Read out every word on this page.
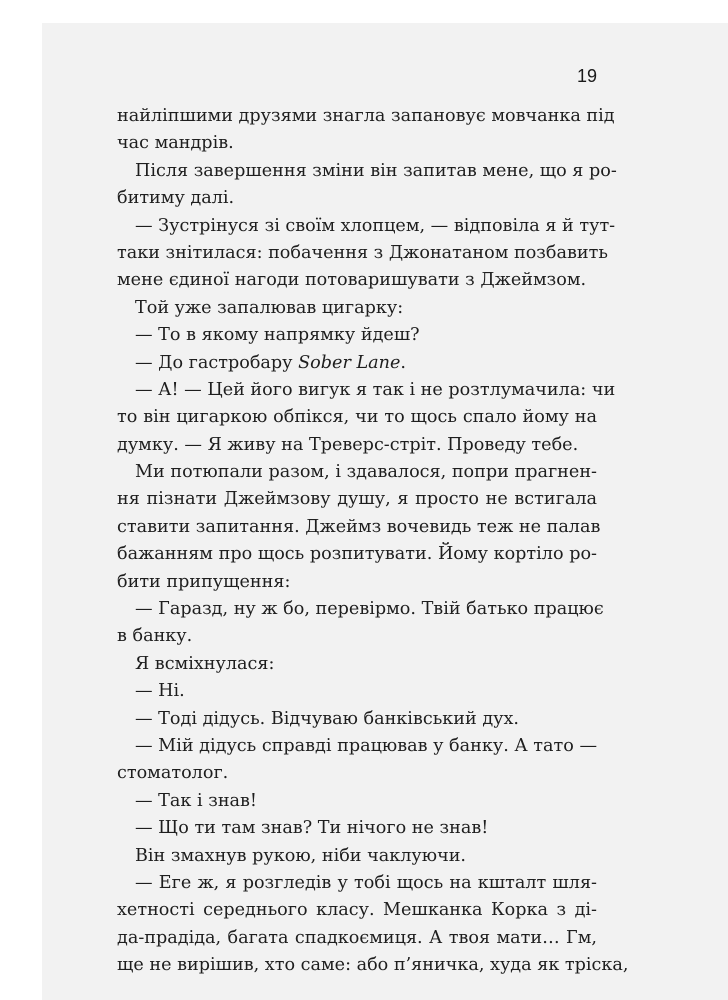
19
найліпшими друзями знагла запановує мовчанка під
час мандрів.
Після завершення зміни він запитав мене, що я ро-
битиму далі.
— Зустрінуся зі своїм хлопцем, — відповіла я й тут-
таки знітилася: побачення з Джонатаном позбавить
мене єдиної нагоди потоваришувати з Джеймзом.
Той уже запалював цигарку:
— То в якому напрямку йдеш?
— До гастробару Sober Lane.
— А! — Цей його вигук я так і не розтлумачила: чи
то він цигаркою обпікся, чи то щось спало йому на
думку. — Я живу на Треверс-стріт. Проведу тебе.
Ми потюпали разом, і здавалося, попри прагнен-
ня пізнати Джеймзову душу, я просто не встигала
ставити запитання. Джеймз вочевидь теж не палав
бажанням про щось розпитувати. Йому кортіло ро-
бити припущення:
— Гаразд, ну ж бо, перевірмо. Твій батько працює
в банку.
Я всміхнулася:
— Ні.
— Тоді дідусь. Відчуваю банківський дух.
— Мій дідусь справді працював у банку. А тато —
стоматолог.
— Так і знав!
— Що ти там знав? Ти нічого не знав!
Він змахнув рукою, ніби чаклуючи.
— Еге ж, я розгледів у тобі щось на кшталт шля-
хетності середнього класу. Мешканка Корка з ді-
да-прадіда, багата спадкоємиця. А твоя мати… Гм,
ще не вирішив, хто саме: або п’яничка, худа як тріска,
